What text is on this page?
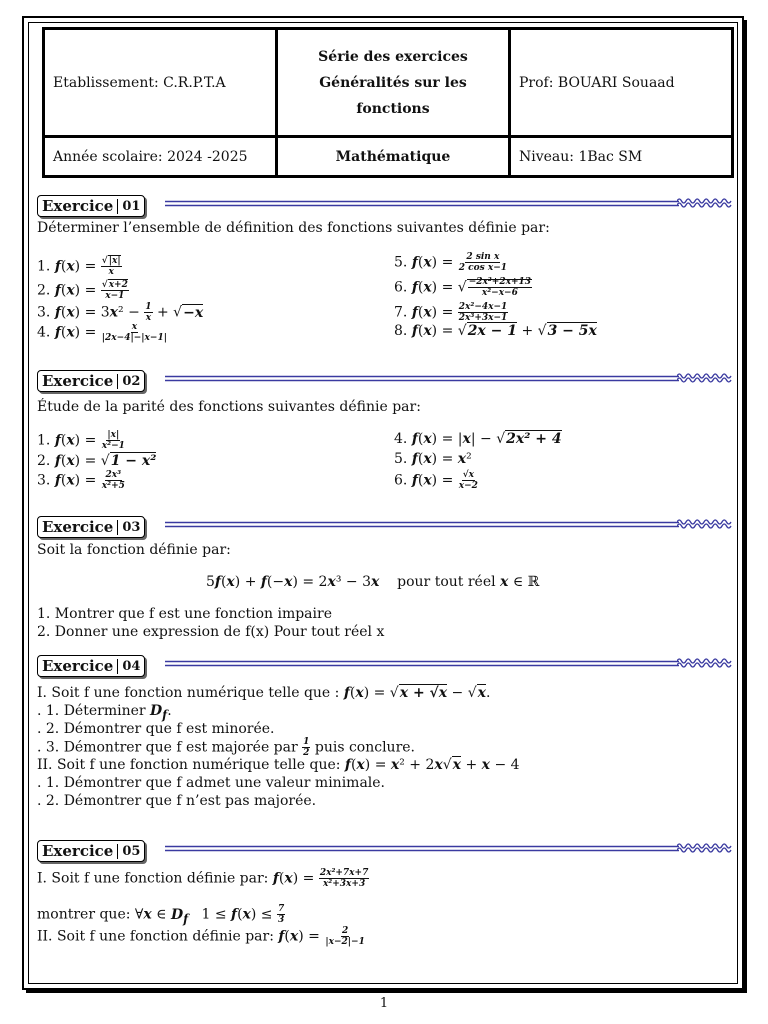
Etablissement: C.R.P.T.A	Série des exercices
Généralités sur les
fonctions	Prof: BOUARI Souaad
Année scolaire: 2024 -2025	Mathématique	Niveau: 1Bac SM
Exercice 01
Déterminer l’ensemble de définition des fonctions suivantes définie par:
1. $f(x) = \frac{√|x|}{x}$
2. $f(x) = \frac{√x+2}{x-1}$
3. $f(x) = 3x^2 - \frac{1}{x} + √-x$
4. $f(x) = \frac{x}{|2x-4|-|x-1|}$
5. $f(x) = \frac{\text{2 sin x}}{\text{2 cos x−1}}$
6. f(x) = √ $\frac{\text{−2x²+2x+13}}{\text{x²−x−6}}$
7. $f(x) = \frac{\text{2x²−4x−1}}{\text{2x³+3x−1}}$
8. f(x) = √2x − 1 + √3 − 5x
Exercice 02
Étude de la parité des fonctions suivantes définie par:
1. $f(x) = \frac{|x|}{\text{x²−1}}$
2. f(x) = √1 − x²
3. $f(x) = \frac{\text{2x³}}{\text{x²+5}}$
4. f(x) = |x| − √2x² + 4
5. f(x) = x²
6. $f(x) = \frac{√x}{x-2}$
Exercice 03
Soit la fonction définie par:
5f(x) + f(−x) = 2x³ − 3x    pour tout réel x ∈ ℝ
1. Montrer que f est une fonction impaire
2. Donner une expression de f(x) Pour tout réel x
Exercice 04
I. Soit f une fonction numérique telle que : f(x) = √x + √x − √x.
. 1. Déterminer $D_f$.
. 2. Démontrer que f est minorée.
. 3. Démontrer que f est majorée par $\frac{1}{2}$ puis conclure.
II. Soit f une fonction numérique telle que: f(x) = x² + 2x√x + x − 4
. 1. Démontrer que f admet une valeur minimale.
. 2. Démontrer que f n’est pas majorée.
Exercice 05
I. Soit f une fonction définie par: $f(x) = \frac{\text{2x²+7x+7}}{\text{x²+3x+3}}$
montrer que: ∀x ∈ $D_f$   $1 \le f(x) \le \frac{7}{3}$
II. Soit f une fonction définie par: $f(x) = \frac{2}{|x-2|-1}$
1
